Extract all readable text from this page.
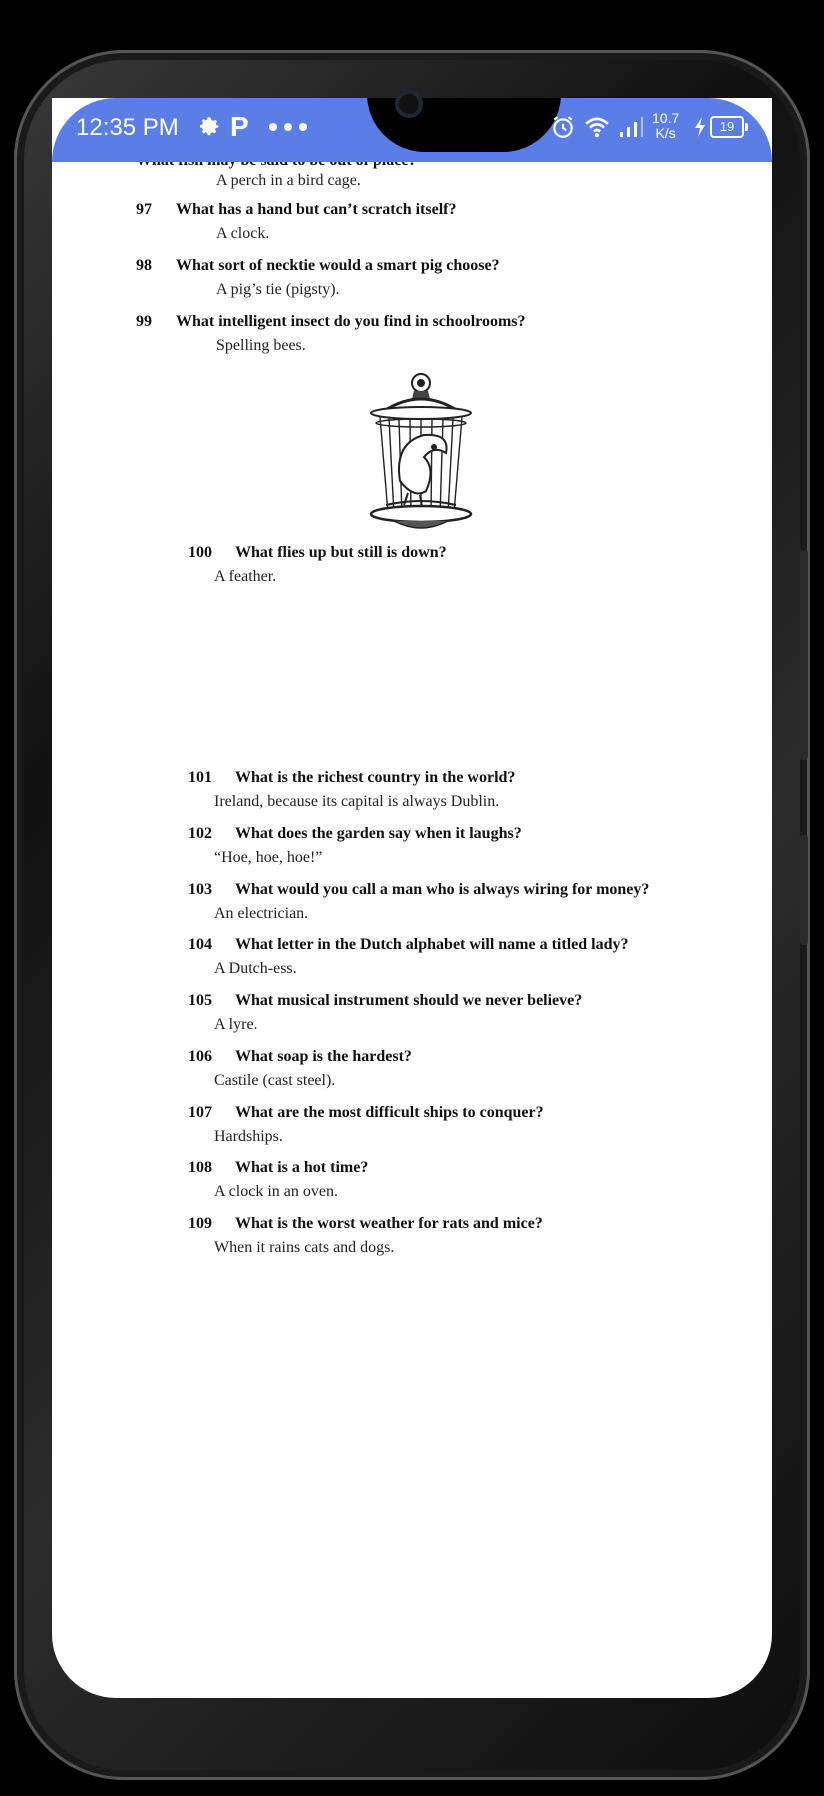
A perch in a bird cage.
97 What has a hand but can’t scratch itself?
A clock.
98 What sort of necktie would a smart pig choose?
A pig’s tie (pigsty).
99 What intelligent insect do you find in schoolrooms?
Spelling bees.
100 What flies up but still is down?
A feather.
101 What is the richest country in the world?
Ireland, because its capital is always Dublin.
102 What does the garden say when it laughs?
“Hoe, hoe, hoe!”
103 What would you call a man who is always wiring for money?
An electrician.
104 What letter in the Dutch alphabet will name a titled lady?
A Dutch-ess.
105 What musical instrument should we never believe?
A lyre.
106 What soap is the hardest?
Castile (cast steel).
107 What are the most difficult ships to conquer?
Hardships.
108 What is a hot time?
A clock in an oven.
109 What is the worst weather for rats and mice?
When it rains cats and dogs.
12:35 PM P	10.7
K/s	19
